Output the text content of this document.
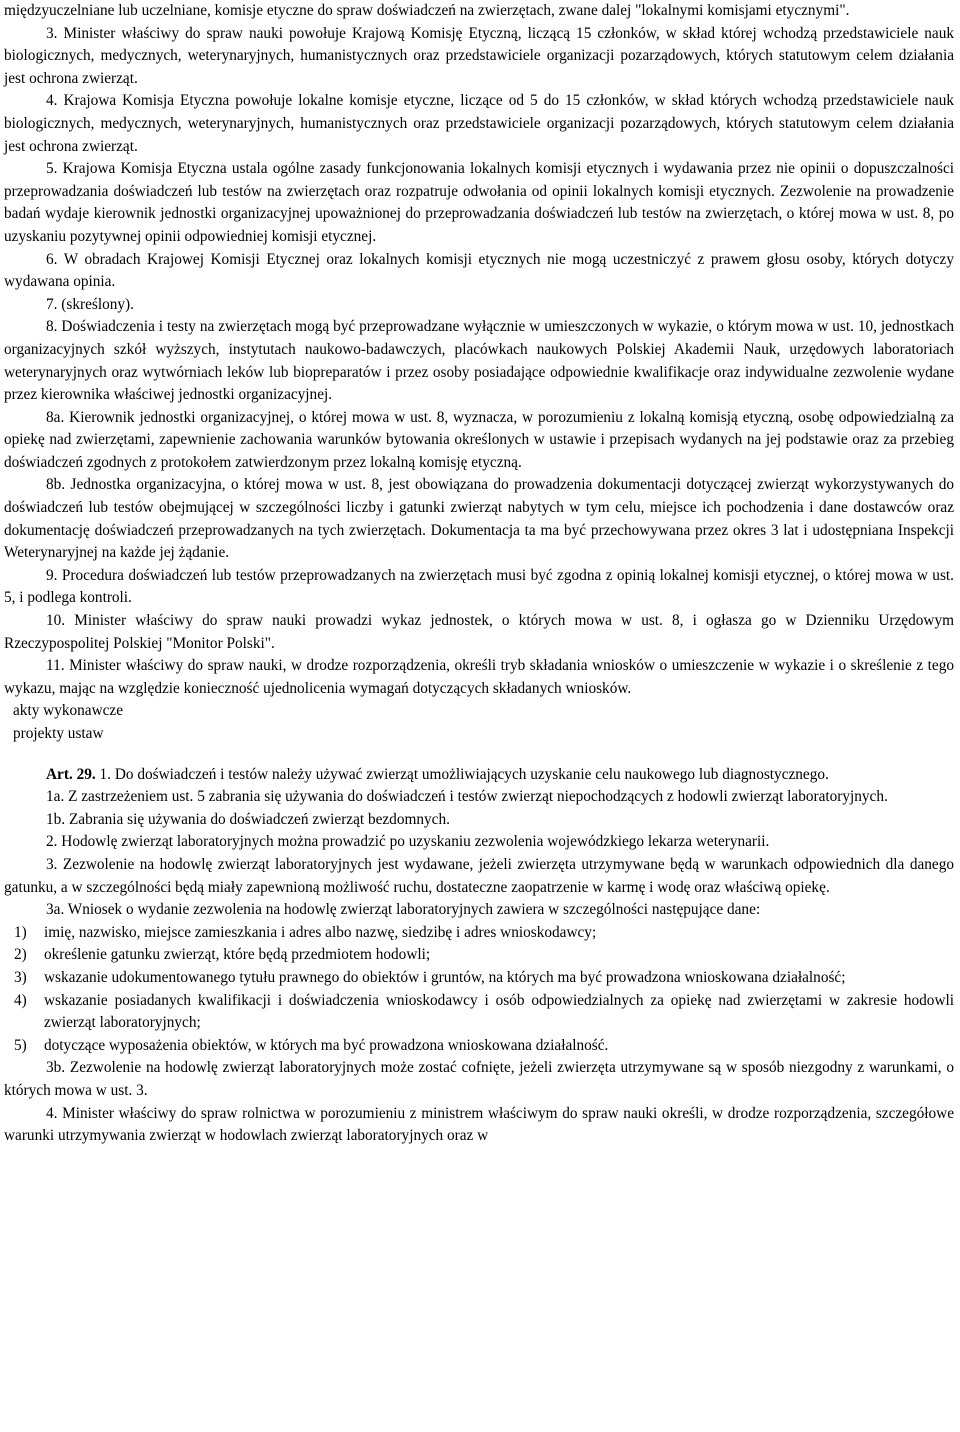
międzyuczelniane lub uczelniane, komisje etyczne do spraw doświadczeń na zwierzętach, zwane dalej "lokalnymi komisjami etycznymi".

3. Minister właściwy do spraw nauki powołuje Krajową Komisję Etyczną, liczącą 15 członków, w skład której wchodzą przedstawiciele nauk biologicznych, medycznych, weterynaryjnych, humanistycznych oraz przedstawiciele organizacji pozarządowych, których statutowym celem działania jest ochrona zwierząt.

4. Krajowa Komisja Etyczna powołuje lokalne komisje etyczne, liczące od 5 do 15 członków, w skład których wchodzą przedstawiciele nauk biologicznych, medycznych, weterynaryjnych, humanistycznych oraz przedstawiciele organizacji pozarządowych, których statutowym celem działania jest ochrona zwierząt.

5. Krajowa Komisja Etyczna ustala ogólne zasady funkcjonowania lokalnych komisji etycznych i wydawania przez nie opinii o dopuszczalności przeprowadzania doświadczeń lub testów na zwierzętach oraz rozpatruje odwołania od opinii lokalnych komisji etycznych. Zezwolenie na prowadzenie badań wydaje kierownik jednostki organizacyjnej upoważnionej do przeprowadzania doświadczeń lub testów na zwierzętach, o której mowa w ust. 8, po uzyskaniu pozytywnej opinii odpowiedniej komisji etycznej.

6. W obradach Krajowej Komisji Etycznej oraz lokalnych komisji etycznych nie mogą uczestniczyć z prawem głosu osoby, których dotyczy wydawana opinia.

7. (skreślony).

8. Doświadczenia i testy na zwierzętach mogą być przeprowadzane wyłącznie w umieszczonych w wykazie, o którym mowa w ust. 10, jednostkach organizacyjnych szkół wyższych, instytutach naukowo-badawczych, placówkach naukowych Polskiej Akademii Nauk, urzędowych laboratoriach weterynaryjnych oraz wytwórniach leków lub biopreparatów i przez osoby posiadające odpowiednie kwalifikacje oraz indywidualne zezwolenie wydane przez kierownika właściwej jednostki organizacyjnej.

8a. Kierownik jednostki organizacyjnej, o której mowa w ust. 8, wyznacza, w porozumieniu z lokalną komisją etyczną, osobę odpowiedzialną za opiekę nad zwierzętami, zapewnienie zachowania warunków bytowania określonych w ustawie i przepisach wydanych na jej podstawie oraz za przebieg doświadczeń zgodnych z protokołem zatwierdzonym przez lokalną komisję etyczną.

8b. Jednostka organizacyjna, o której mowa w ust. 8, jest obowiązana do prowadzenia dokumentacji dotyczącej zwierząt wykorzystywanych do doświadczeń lub testów obejmującej w szczególności liczby i gatunki zwierząt nabytych w tym celu, miejsce ich pochodzenia i dane dostawców oraz dokumentację doświadczeń przeprowadzanych na tych zwierzętach. Dokumentacja ta ma być przechowywana przez okres 3 lat i udostępniana Inspekcji Weterynaryjnej na każde jej żądanie.

9. Procedura doświadczeń lub testów przeprowadzanych na zwierzętach musi być zgodna z opinią lokalnej komisji etycznej, o której mowa w ust. 5, i podlega kontroli.

10. Minister właściwy do spraw nauki prowadzi wykaz jednostek, o których mowa w ust. 8, i ogłasza go w Dzienniku Urzędowym Rzeczypospolitej Polskiej "Monitor Polski".

11. Minister właściwy do spraw nauki, w drodze rozporządzenia, określi tryb składania wniosków o umieszczenie w wykazie i o skreślenie z tego wykazu, mając na względzie konieczność ujednolicenia wymagań dotyczących składanych wniosków.

akty wykonawcze

projekty ustaw

Art. 29. 1. Do doświadczeń i testów należy używać zwierząt umożliwiających uzyskanie celu naukowego lub diagnostycznego.

1a. Z zastrzeżeniem ust. 5 zabrania się używania do doświadczeń i testów zwierząt niepochodzących z hodowli zwierząt laboratoryjnych.

1b. Zabrania się używania do doświadczeń zwierząt bezdomnych.

2. Hodowlę zwierząt laboratoryjnych można prowadzić po uzyskaniu zezwolenia wojewódzkiego lekarza weterynarii.

3. Zezwolenie na hodowlę zwierząt laboratoryjnych jest wydawane, jeżeli zwierzęta utrzymywane będą w warunkach odpowiednich dla danego gatunku, a w szczególności będą miały zapewnioną możliwość ruchu, dostateczne zaopatrzenie w karmę i wodę oraz właściwą opiekę.

3a. Wniosek o wydanie zezwolenia na hodowlę zwierząt laboratoryjnych zawiera w szczególności następujące dane:

1)	imię, nazwisko, miejsce zamieszkania i adres albo nazwę, siedzibę i adres wnioskodawcy;
2)	określenie gatunku zwierząt, które będą przedmiotem hodowli;
3)	wskazanie udokumentowanego tytułu prawnego do obiektów i gruntów, na których ma być prowadzona wnioskowana działalność;
4)	wskazanie posiadanych kwalifikacji i doświadczenia wnioskodawcy i osób odpowiedzialnych za opiekę nad zwierzętami w zakresie hodowli zwierząt laboratoryjnych;
5)	dotyczące wyposażenia obiektów, w których ma być prowadzona wnioskowana działalność.

3b. Zezwolenie na hodowlę zwierząt laboratoryjnych może zostać cofnięte, jeżeli zwierzęta utrzymywane są w sposób niezgodny z warunkami, o których mowa w ust. 3.

4. Minister właściwy do spraw rolnictwa w porozumieniu z ministrem właściwym do spraw nauki określi, w drodze rozporządzenia, szczegółowe warunki utrzymywania zwierząt w hodowlach zwierząt laboratoryjnych oraz w
